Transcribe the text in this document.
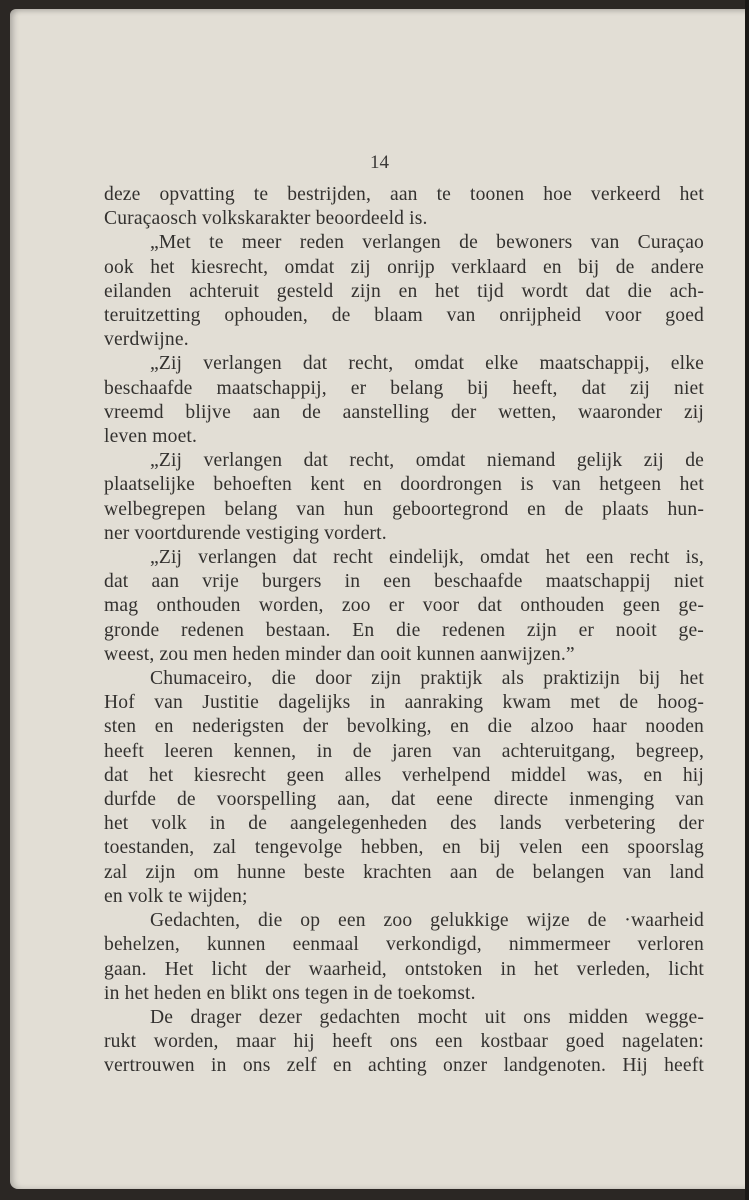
14

deze opvatting te bestrijden, aan te toonen hoe verkeerd het
Curaçaosch volkskarakter beoordeeld is.

„Met te meer reden verlangen de bewoners van Curaçao
ook het kiesrecht, omdat zij onrijp verklaard en bij de andere
eilanden achteruit gesteld zijn en het tijd wordt dat die ach-
teruitzetting ophouden, de blaam van onrijpheid voor goed
verdwijne.

„Zij verlangen dat recht, omdat elke maatschappij, elke
beschaafde maatschappij, er belang bij heeft, dat zij niet
vreemd blijve aan de aanstelling der wetten, waaronder zij
leven moet.

„Zij verlangen dat recht, omdat niemand gelijk zij de
plaatselijke behoeften kent en doordrongen is van hetgeen het
welbegrepen belang van hun geboortegrond en de plaats hun-
ner voortdurende vestiging vordert.

„Zij verlangen dat recht eindelijk, omdat het een recht is,
dat aan vrije burgers in een beschaafde maatschappij niet
mag onthouden worden, zoo er voor dat onthouden geen ge-
gronde redenen bestaan. En die redenen zijn er nooit ge-
weest, zou men heden minder dan ooit kunnen aanwijzen.”

Chumaceiro, die door zijn praktijk als praktizijn bij het
Hof van Justitie dagelijks in aanraking kwam met de hoog-
sten en nederigsten der bevolking, en die alzoo haar nooden
heeft leeren kennen, in de jaren van achteruitgang, begreep,
dat het kiesrecht geen alles verhelpend middel was, en hij
durfde de voorspelling aan, dat eene directe inmenging van
het volk in de aangelegenheden des lands verbetering der
toestanden, zal tengevolge hebben, en bij velen een spoorslag
zal zijn om hunne beste krachten aan de belangen van land
en volk te wijden;

Gedachten, die op een zoo gelukkige wijze de ·waarheid
behelzen, kunnen eenmaal verkondigd, nimmermeer verloren
gaan. Het licht der waarheid, ontstoken in het verleden, licht
in het heden en blikt ons tegen in de toekomst.

De drager dezer gedachten mocht uit ons midden wegge-
rukt worden, maar hij heeft ons een kostbaar goed nagelaten:
vertrouwen in ons zelf en achting onzer landgenoten. Hij heeft
